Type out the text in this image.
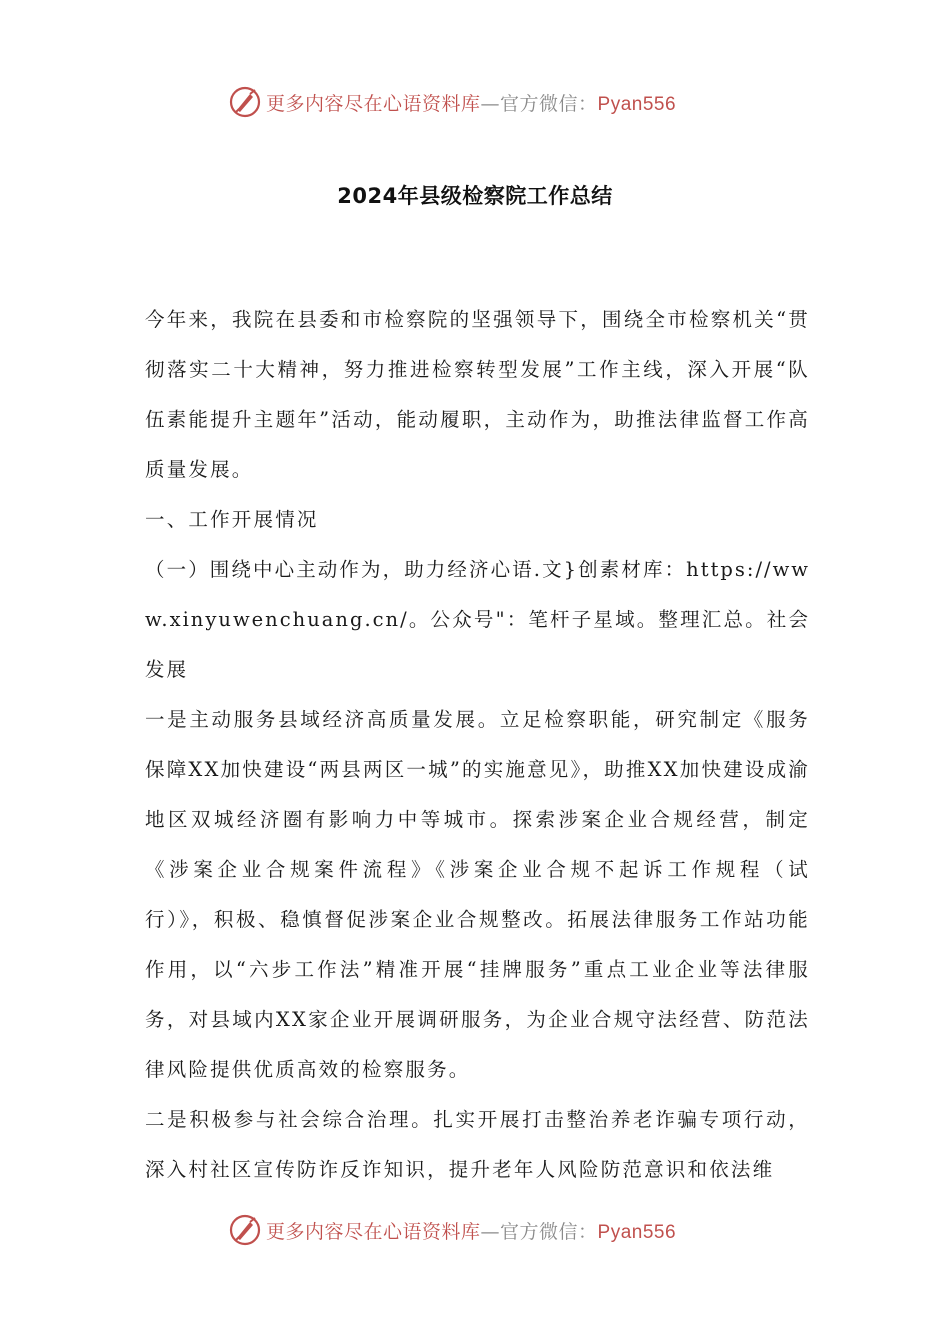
更多内容尽在心语资料库—官方微信：Pyan556
2024年县级检察院工作总结

今年来，我院在县委和市检察院的坚强领导下，围绕全市检察机关“贯彻落实二十大精神，努力推进检察转型发展”工作主线，深入开展“队伍素能提升主题年”活动，能动履职，主动作为，助推法律监督工作高质量发展。

一、工作开展情况

（一）围绕中心主动作为，助力经济心语.文}创素材库：https://www.xinyuwenchuang.cn/。公众号"：笔杆子星域。整理汇总。社会发展

一是主动服务县域经济高质量发展。立足检察职能，研究制定《服务保障XX加快建设“两县两区一城”的实施意见》，助推XX加快建设成渝地区双城经济圈有影响力中等城市。探索涉案企业合规经营，制定《涉案企业合规案件流程》《涉案企业合规不起诉工作规程（试行）》，积极、稳慎督促涉案企业合规整改。拓展法律服务工作站功能作用，以“六步工作法”精准开展“挂牌服务”重点工业企业等法律服务，对县域内XX家企业开展调研服务，为企业合规守法经营、防范法律风险提供优质高效的检察服务。

二是积极参与社会综合治理。扎实开展打击整治养老诈骗专项行动，深入村社区宣传防诈反诈知识，提升老年人风险防范意识和依法维

更多内容尽在心语资料库—官方微信：Pyan556
